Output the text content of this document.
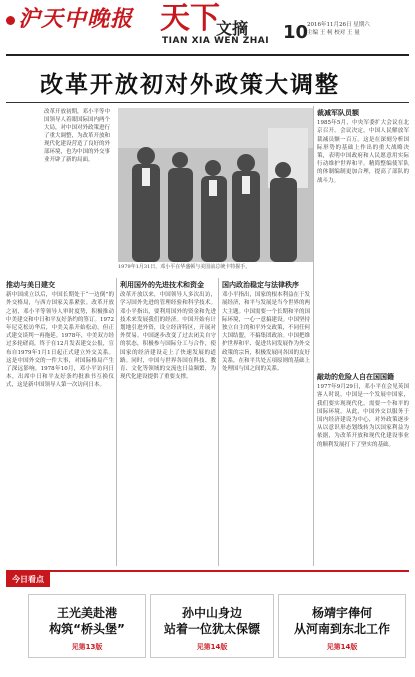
沪天中晚报 天下
文摘
TIAN XIA WEN ZHAI 10
2016年11月26日 星期六
主编 王 柯 校对 王 量
改革开放初对外政策大调整
改革开放初期，邓小平等中国领导人着眼国际国内两个大局，对中国对外政策进行了重大调整，为改革开放和现代化建设营造了良好的外部环境，也为中国的外交事业开辟了新的局面。
1979年1月31日，邓小平在华盛顿与美国前总统卡特握手。
推动与美日建交
新中国成立以后，中国长期处于“一边倒”的外交格局，与西方国家关系紧张。改革开放之初，邓小平等领导人审时度势，积极推动中美建交和中日和平友好条约的签订。1972年尼克松访华后，中美关系开始松动，但正式建交谈判一再拖延。1978年，中美双方经过多轮磋商，终于在12月发表建交公报，宣布自1979年1月1日起正式建立外交关系。这是中国外交的一件大事，对国际格局产生了深远影响。1978年10月，邓小平访问日本，出席中日和平友好条约批准书互换仪式，这是新中国领导人第一次访问日本。
利用国外的先进技术和资金
改革开放以来，中国领导人多次出访，学习国外先进的管理经验和科学技术。邓小平指出，要利用国外的资金和先进技术来发展我们的经济。中国开始有计划地引进外资，设立经济特区，开展对外贸易。中国逐步改变了过去闭关自守的状态，积极参与国际分工与合作，使国家的经济建设走上了快速发展的道路。同时，中国与世界各国在科技、教育、文化等领域的交流也日益频繁，为现代化建设提供了重要支撑。
国内政治稳定与法律秩序
邓小平指出，国家的根本利益在于发展经济，和平与发展是当今世界的两大主题。中国需要一个长期和平的国际环境，一心一意搞建设。中国坚持独立自主的和平外交政策，不同任何大国结盟，不搞集团政治。中国把维护世界和平、促进共同发展作为外交政策的宗旨，积极发展同各国的友好关系，在和平共处五项原则的基础上处理国与国之间的关系。
裁减军队员额
1985年5月，中央军委扩大会议在北京召开。会议决定，中国人民解放军裁减员额一百万。这是在深刻分析国际形势的基础上作出的重大战略决策，表明中国政府和人民愿意用实际行动维护世界和平。精简整编使军队的体制编制更加合理，提高了部队的战斗力。
敲劫的危险人自在国国籍
1977年9月29日，邓小平在会见英国客人时说，中国是一个发展中国家，我们要实现现代化，需要一个和平的国际环境。从此，中国外交以服务于国内经济建设为中心，对外政策逐步从以意识形态划线转为以国家利益为依据，为改革开放和现代化建设事业的顺利发展打下了坚实的基础。
今日看点
王光美赴港
构筑“桥头堡”
见第13版
孙中山身边
站着一位犹太保镖
见第14版
杨靖宇俸何
从河南到东北工作
见第14版
